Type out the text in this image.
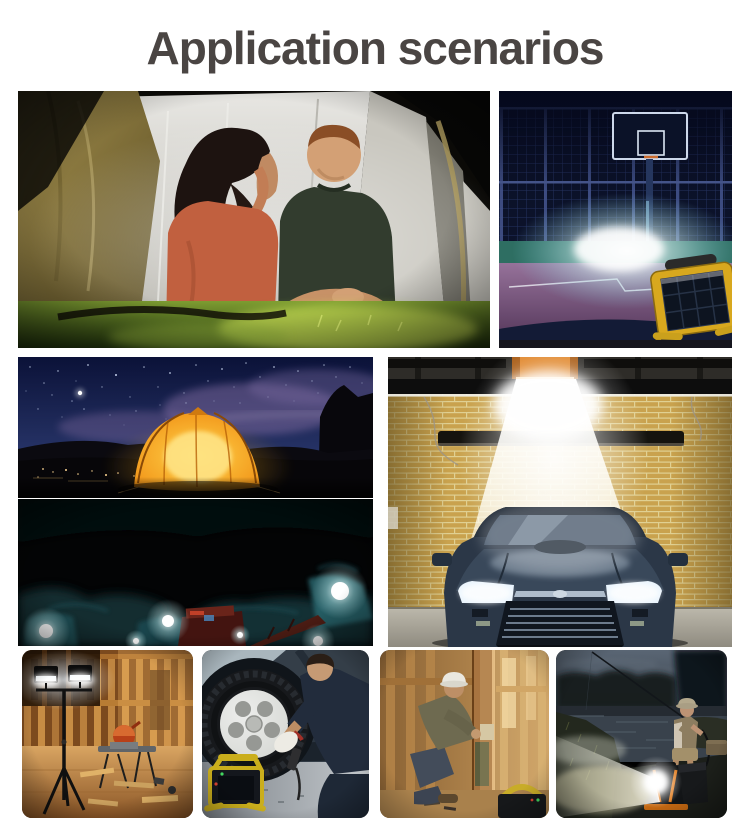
Application scenarios
